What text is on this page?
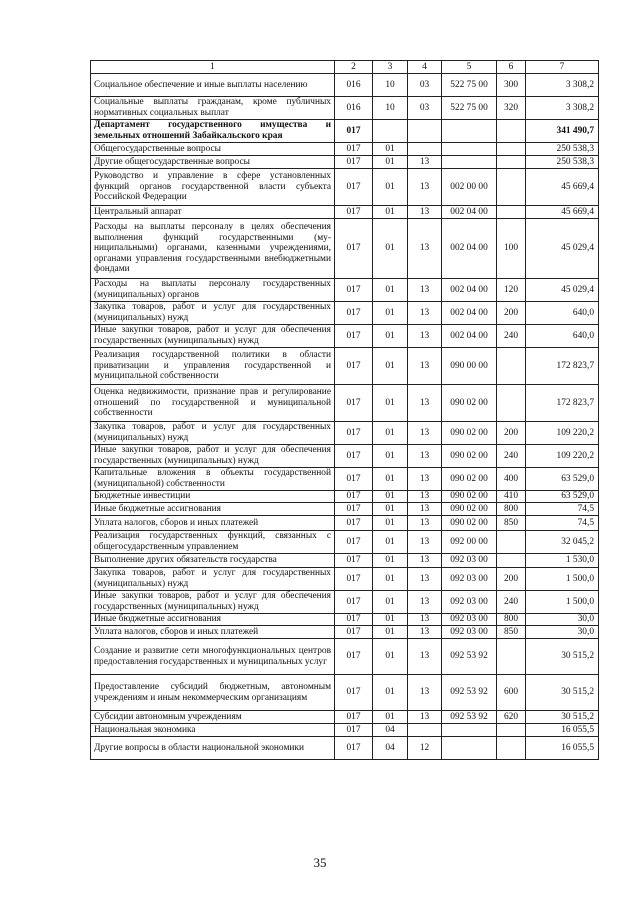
1	2	3	4	5	6	7
Социальное обеспечение и иные выплаты населению	016	10	03	522 75 00	300	3 308,2
Социальные выплаты гражданам, кроме публичных нормативных социальных выплат	016	10	03	522 75 00	320	3 308,2
Департамент государственного имущества и земельных отношений Забайкальского края	017					341 490,7
Общегосударственные вопросы	017	01				250 538,3
Другие общегосударственные вопросы	017	01	13			250 538,3
Руководство и управление в сфере установленных функций органов государственной власти субъекта Российской Федерации	017	01	13	002 00 00		45 669,4
Центральный аппарат	017	01	13	002 04 00		45 669,4
Расходы на выплаты персоналу в целях обеспечения выполнения функций государственными (муниципальными) органами, казенными учреждениями, органами управления государственными внебюджетными фондами	017	01	13	002 04 00	100	45 029,4
Расходы на выплаты персоналу государственных (муниципальных) органов	017	01	13	002 04 00	120	45 029,4
Закупка товаров, работ и услуг для государственных (муниципальных) нужд	017	01	13	002 04 00	200	640,0
Иные закупки товаров, работ и услуг для обеспечения государственных (муниципальных) нужд	017	01	13	002 04 00	240	640,0
Реализация государственной политики в области приватизации и управления государственной и муниципальной собственности	017	01	13	090 00 00		172 823,7
Оценка недвижимости, признание прав и регулирование отношений по государственной и муниципальной собственности	017	01	13	090 02 00		172 823,7
Закупка товаров, работ и услуг для государственных (муниципальных) нужд	017	01	13	090 02 00	200	109 220,2
Иные закупки товаров, работ и услуг для обеспечения государственных (муниципальных) нужд	017	01	13	090 02 00	240	109 220,2
Капитальные вложения в объекты государственной (муниципальной) собственности	017	01	13	090 02 00	400	63 529,0
Бюджетные инвестиции	017	01	13	090 02 00	410	63 529,0
Иные бюджетные ассигнования	017	01	13	090 02 00	800	74,5
Уплата налогов, сборов и иных платежей	017	01	13	090 02 00	850	74,5
Реализация государственных функций, связанных с общегосударственным управлением	017	01	13	092 00 00		32 045,2
Выполнение других обязательств государства	017	01	13	092 03 00		1 530,0
Закупка товаров, работ и услуг для государственных (муниципальных) нужд	017	01	13	092 03 00	200	1 500,0
Иные закупки товаров, работ и услуг для обеспечения государственных (муниципальных) нужд	017	01	13	092 03 00	240	1 500,0
Иные бюджетные ассигнования	017	01	13	092 03 00	800	30,0
Уплата налогов, сборов и иных платежей	017	01	13	092 03 00	850	30,0
Создание и развитие сети многофункциональных центров предоставления государственных и муниципальных услуг	017	01	13	092 53 92		30 515,2
Предоставление субсидий бюджетным, автономным учреждениям и иным некоммерческим организациям	017	01	13	092 53 92	600	30 515,2
Субсидии автономным учреждениям	017	01	13	092 53 92	620	30 515,2
Национальная экономика	017	04				16 055,5
Другие вопросы в области национальной экономики	017	04	12			16 055,5
35
